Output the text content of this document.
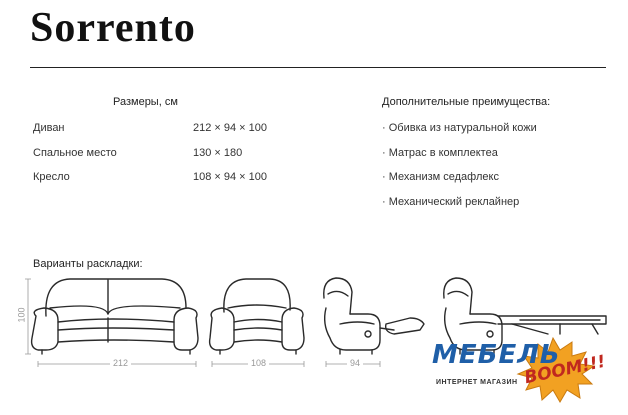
Sorrento
Размеры, см
Диван	212 × 94 × 100
Спальное место	130 × 180
Кресло	108 × 94 × 100
Дополнительные преимущества:
· Обивка из натуральной кожи
· Матрас в комплектеа
· Механизм седафлекс
· Механический реклайнер
Варианты раскладки:
100
212	108	94	МЕБЕЛЬ
ИНТЕРНЕТ МАГАЗИН BOOM!!!
